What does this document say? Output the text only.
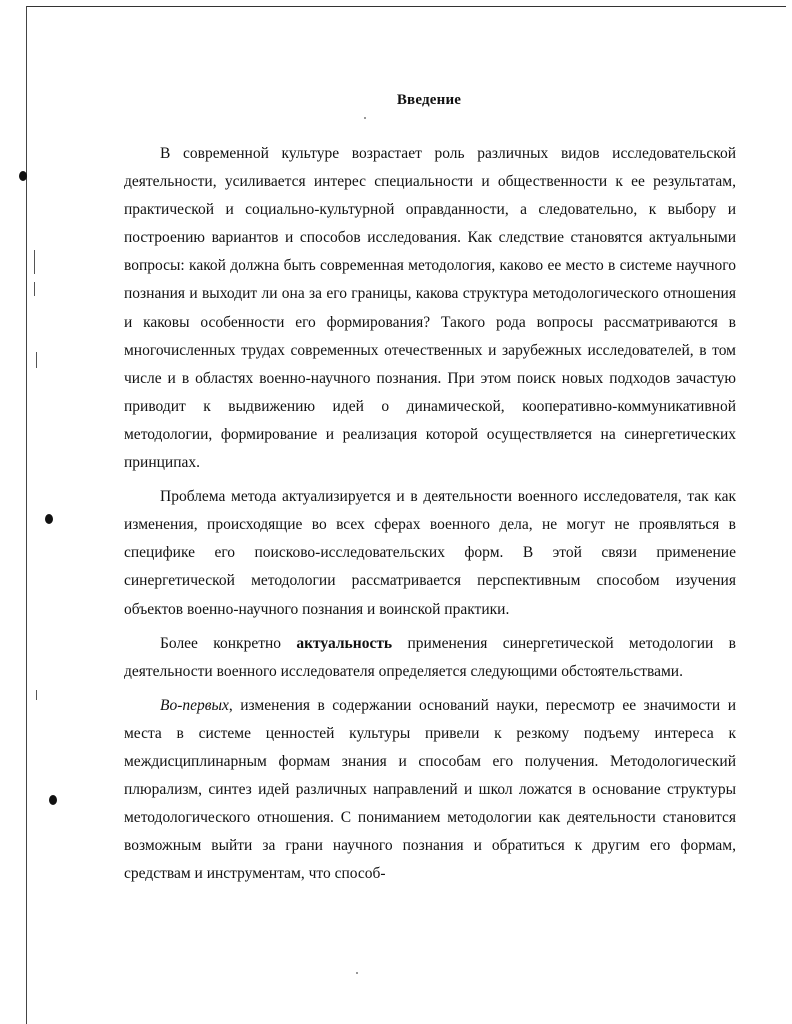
Введение

В современной культуре возрастает роль различных видов исследовательской деятельности, усиливается интерес специальности и общественности к ее результатам, практической и социально-культурной оправданности, а следовательно, к выбору и построению вариантов и способов исследования. Как следствие становятся актуальными вопросы: какой должна быть современная методология, каково ее место в системе научного познания и выходит ли она за его границы, какова структура методологического отношения и каковы особенности его формирования? Такого рода вопросы рассматриваются в многочисленных трудах современных отечественных и зарубежных исследователей, в том числе и в областях военно-научного познания. При этом поиск новых подходов зачастую приводит к выдвижению идей о динамической, кооперативно-коммуникативной методологии, формирование и реализация которой осуществляется на синергетических принципах.

Проблема метода актуализируется и в деятельности военного исследователя, так как изменения, происходящие во всех сферах военного дела, не могут не проявляться в специфике его поисково-исследовательских форм. В этой связи применение синергетической методологии рассматривается перспективным способом изучения объектов военно-научного познания и воинской практики.

Более конкретно актуальность применения синергетической методологии в деятельности военного исследователя определяется следующими обстоятельствами.

Во-первых, изменения в содержании оснований науки, пересмотр ее значимости и места в системе ценностей культуры привели к резкому подъему интереса к междисциплинарным формам знания и способам его получения. Методологический плюрализм, синтез идей различных направлений и школ ложатся в основание структуры методологического отношения. С пониманием методологии как деятельности становится возможным выйти за грани научного познания и обратиться к другим его формам, средствам и инструментам, что способ-
